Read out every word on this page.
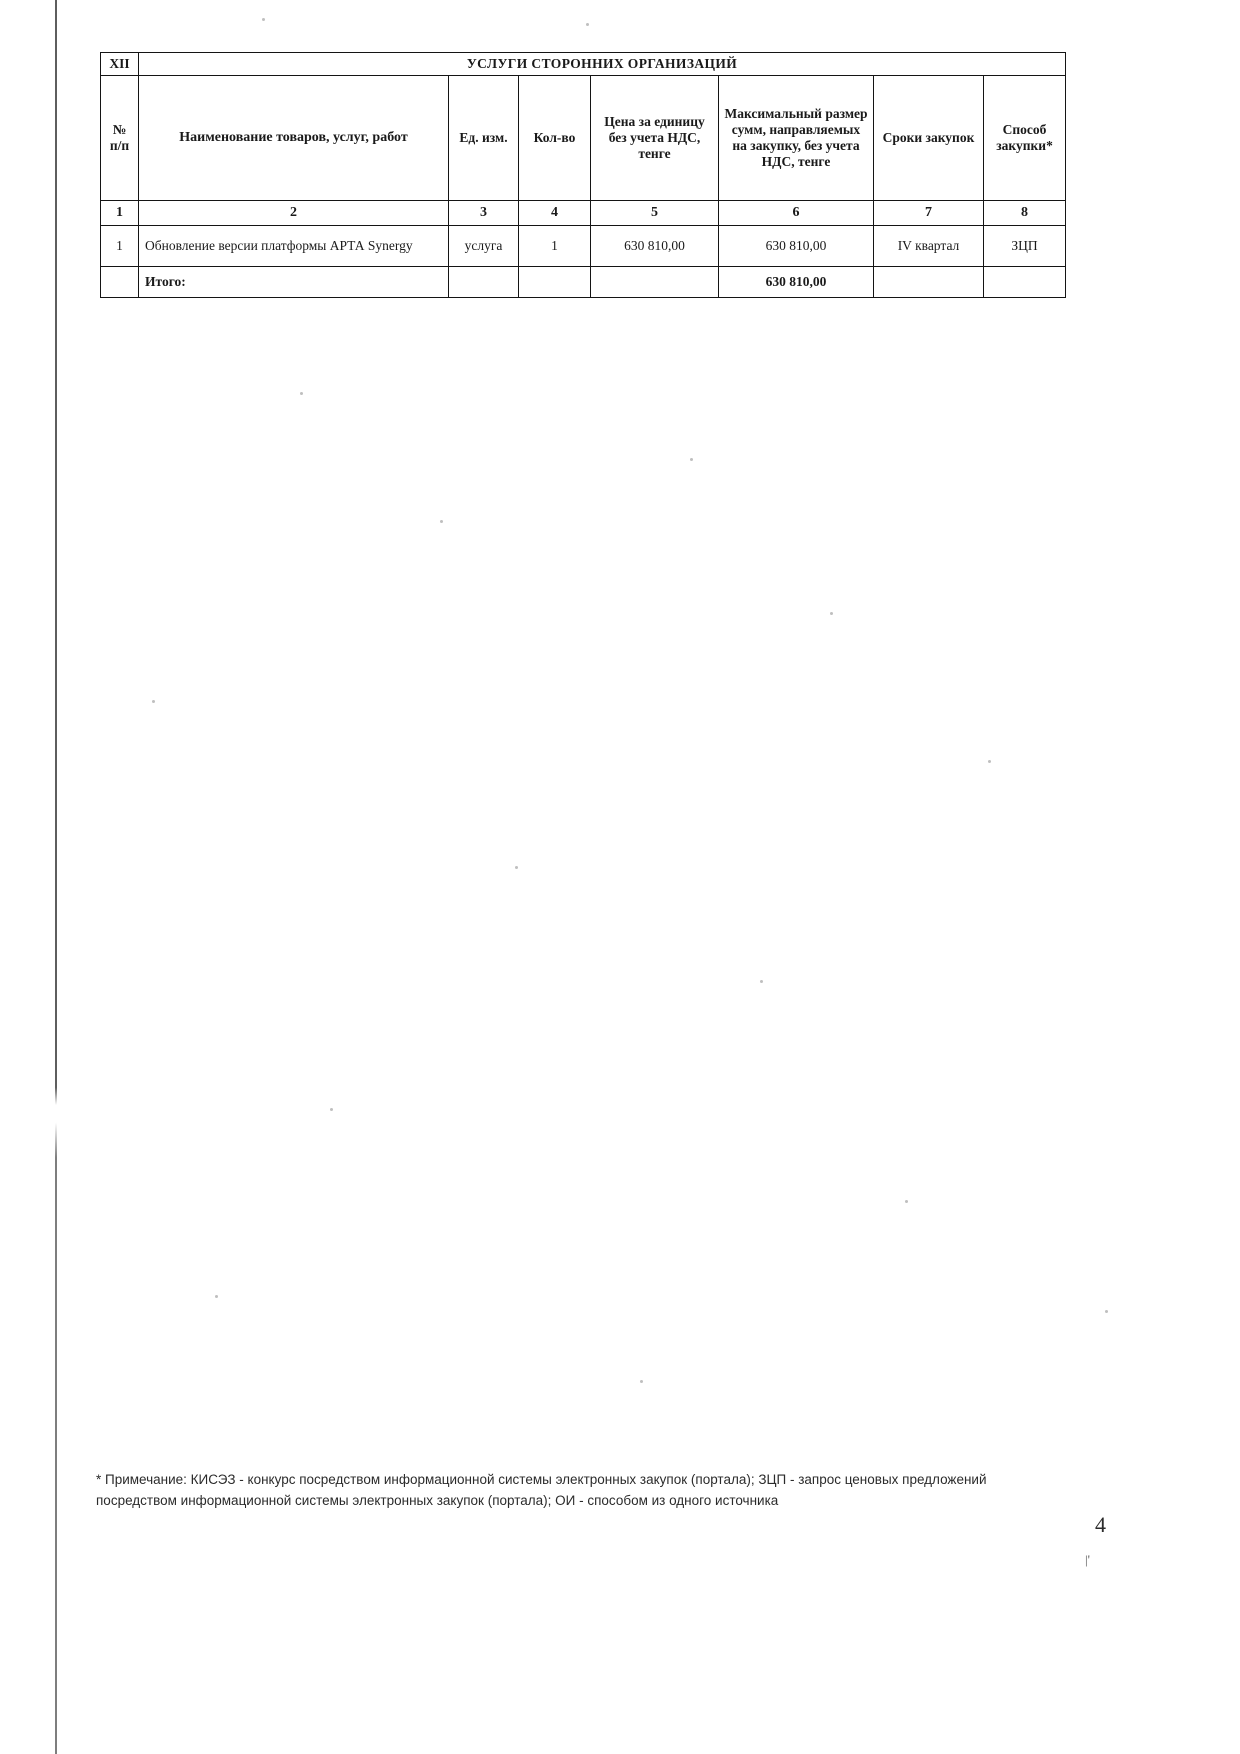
XII	УСЛУГИ СТОРОННИХ ОРГАНИЗАЦИЙ						
№
п/п	Наименование товаров, услуг, работ	Ед. изм.	Кол-во	Цена за единицу без учета НДС, тенге	Максимальный размер сумм, направляемых на закупку, без учета НДС, тенге	Сроки закупок	Способ закупки*
1	2	3	4	5	6	7	8
1	Обновление версии платформы АРТА Synergy	услуга	1	630 810,00	630 810,00	IV квартал	ЗЦП
	Итого:				630 810,00		
* Примечание: КИСЭЗ - конкурс посредством информационной системы электронных закупок (портала); ЗЦП - запрос ценовых предложений посредством информационной системы электронных закупок (портала); ОИ - способом из одного источника
4
|'
